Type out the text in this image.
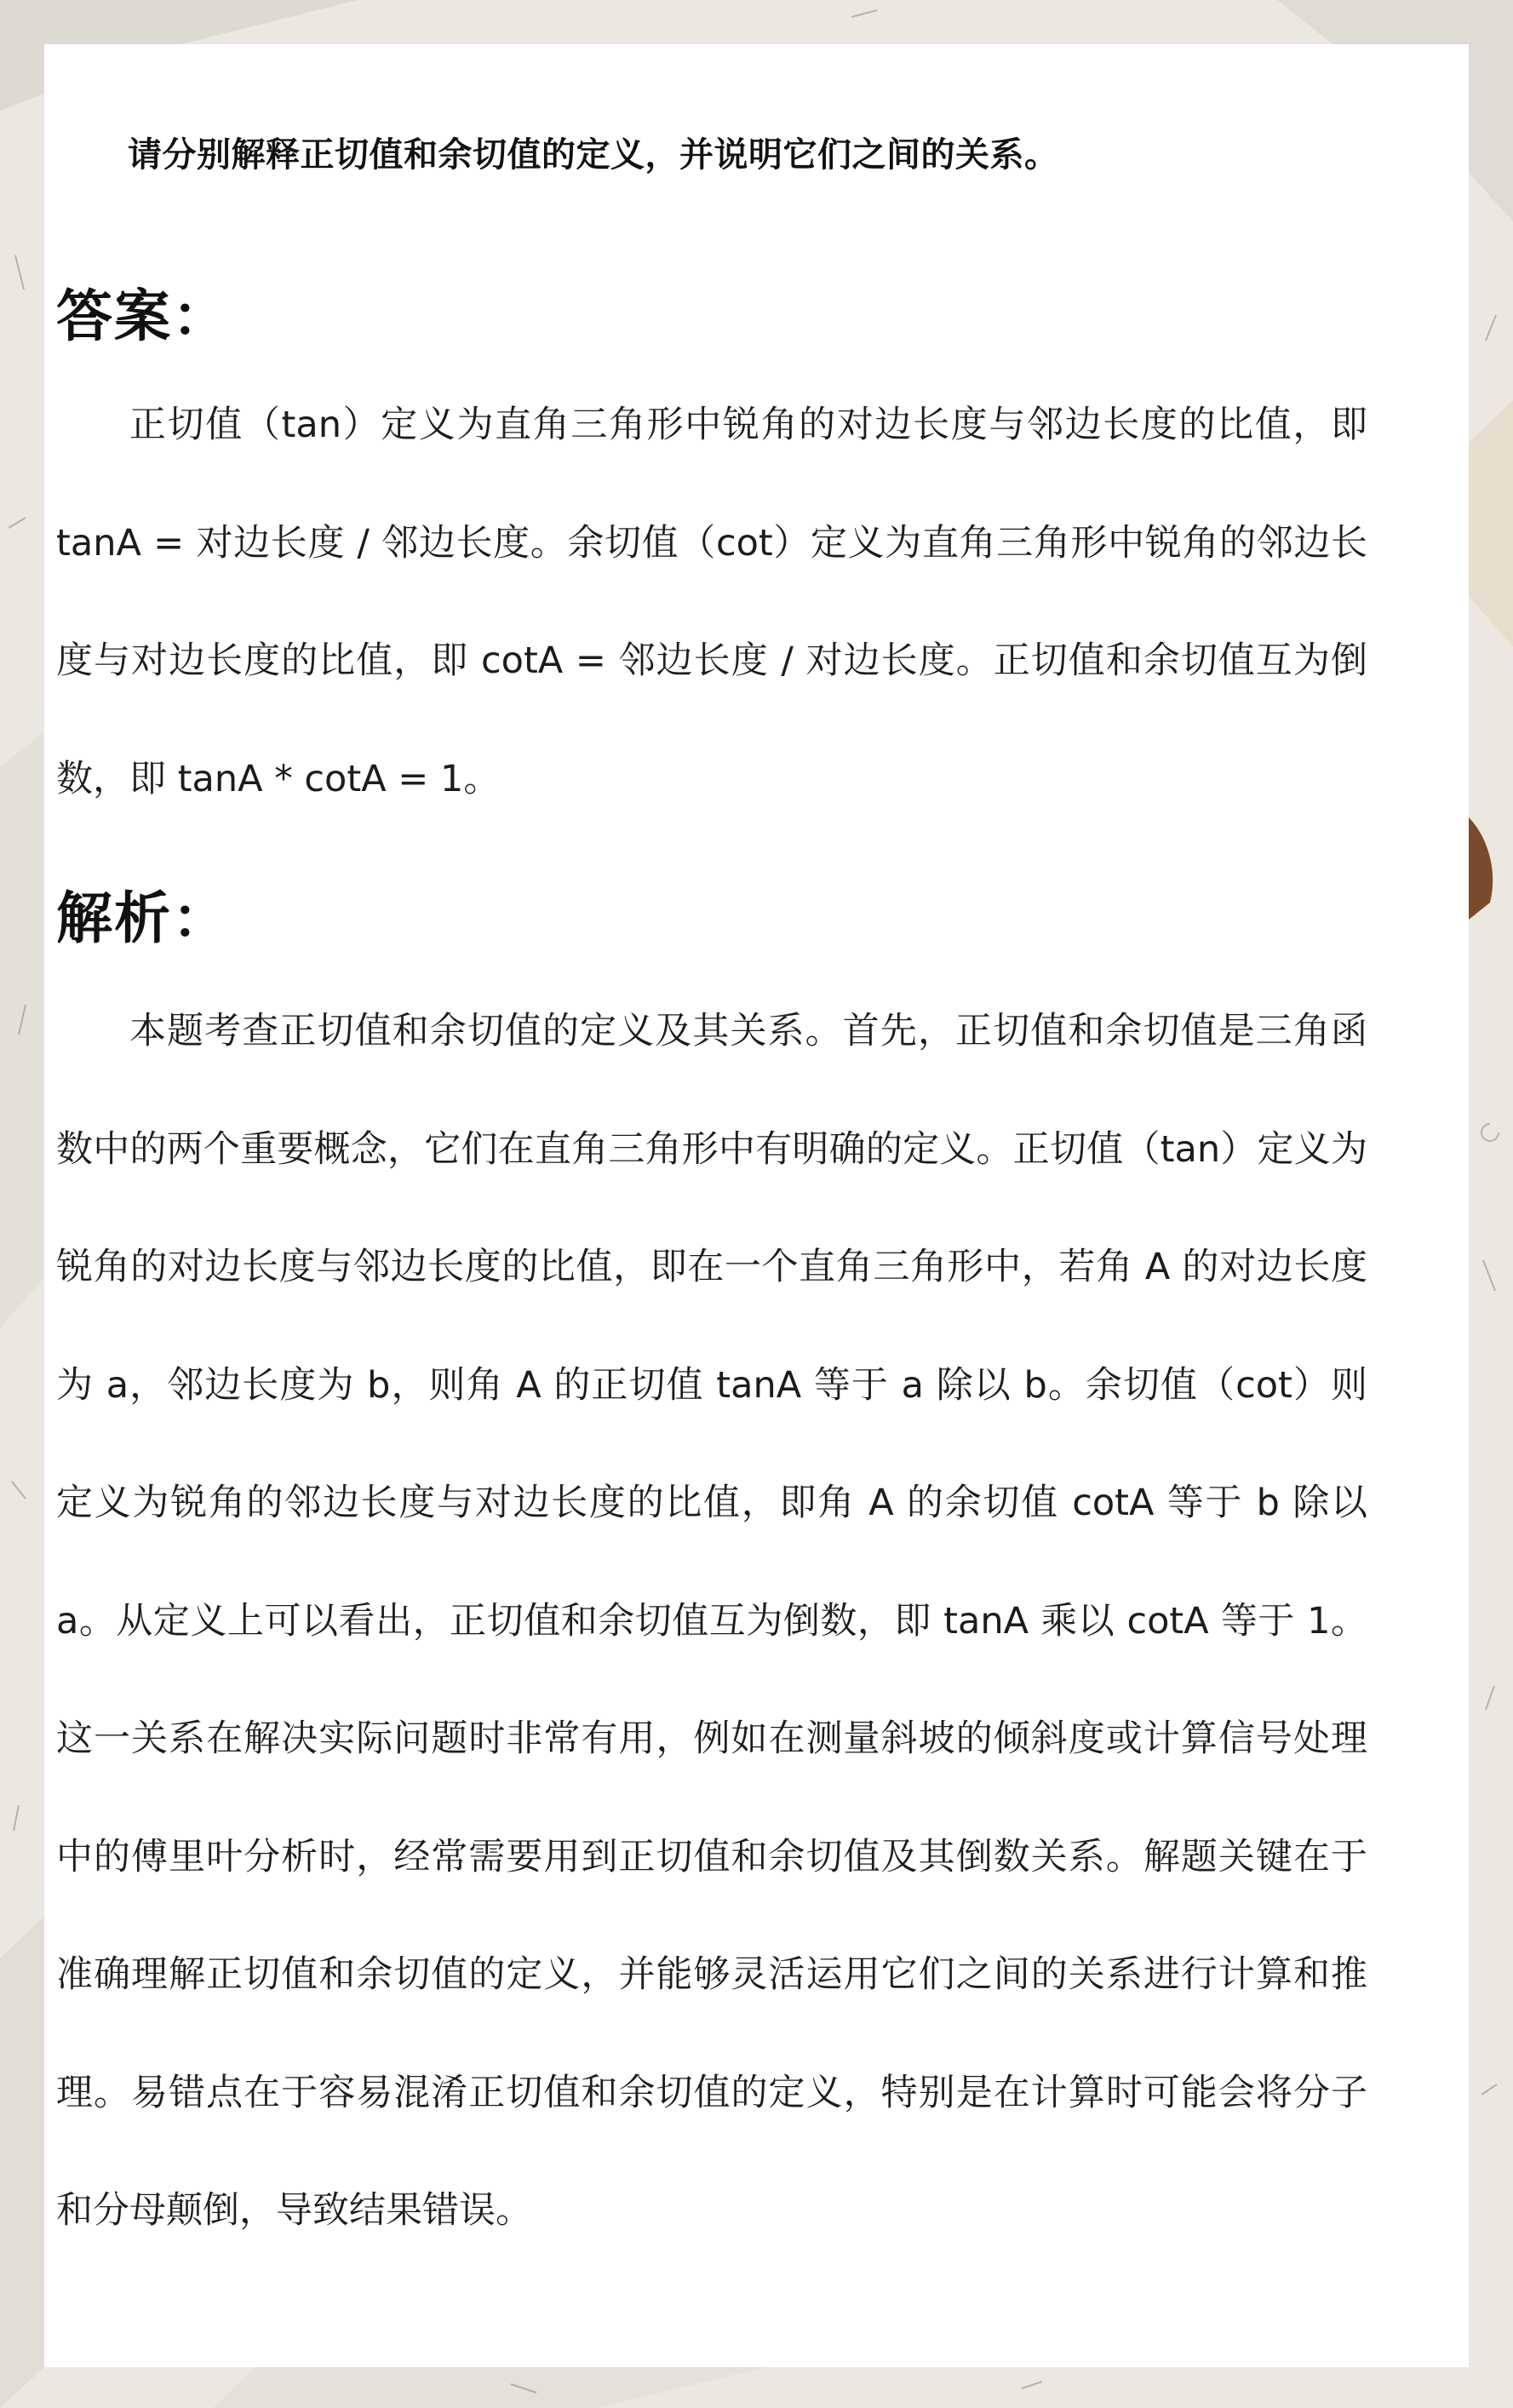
请分别解释正切值和余切值的定义，并说明它们之间的关系。

答案：

正切值（tan）定义为直角三角形中锐角的对边长度与邻边长度的比值，即 tanA = 对边长度 / 邻边长度。余切值（cot）定义为直角三角形中锐角的邻边长度与对边长度的比值，即 cotA = 邻边长度 / 对边长度。正切值和余切值互为倒数，即 tanA * cotA = 1。

解析：

本题考查正切值和余切值的定义及其关系。首先，正切值和余切值是三角函数中的两个重要概念，它们在直角三角形中有明确的定义。正切值（tan）定义为锐角的对边长度与邻边长度的比值，即在一个直角三角形中，若角 A 的对边长度为 a，邻边长度为 b，则角 A 的正切值 tanA 等于 a 除以 b。余切值（cot）则定义为锐角的邻边长度与对边长度的比值，即角 A 的余切值 cotA 等于 b 除以 a。从定义上可以看出，正切值和余切值互为倒数，即 tanA 乘以 cotA 等于 1。这一关系在解决实际问题时非常有用，例如在测量斜坡的倾斜度或计算信号处理中的傅里叶分析时，经常需要用到正切值和余切值及其倒数关系。解题关键在于准确理解正切值和余切值的定义，并能够灵活运用它们之间的关系进行计算和推理。易错点在于容易混淆正切值和余切值的定义，特别是在计算时可能会将分子和分母颠倒，导致结果错误。
